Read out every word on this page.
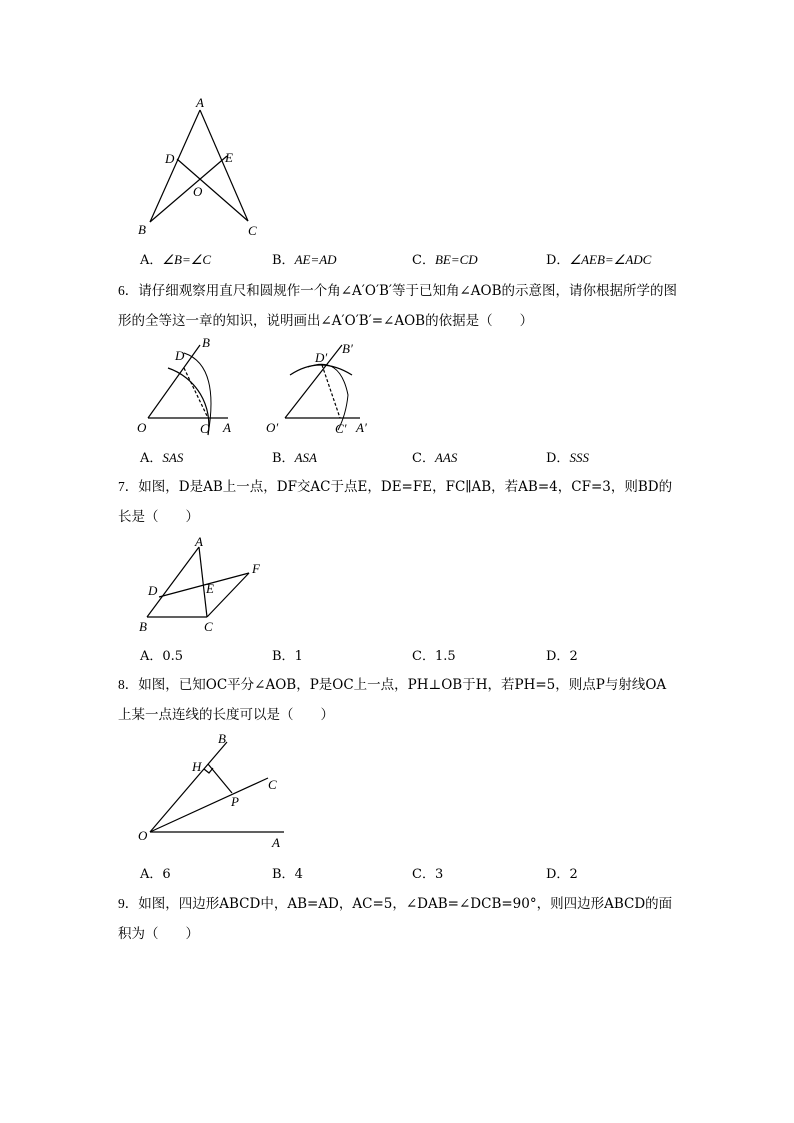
A
D	E
O
B	C
A．∠B=∠C	B．AE=AD	C．BE=CD	D．∠AEB=∠ADC
6．请仔细观察用直尺和圆规作一个角∠A′O′B′等于已知角∠AOB的示意图，请你根据所学的图形的全等这一章的知识，说明画出∠A′O′B′=∠AOB的依据是（　　）
B
D
O	C A
B′
D′
O′	C′ A′
A．SAS	B．ASA	C．AAS	D．SSS
7．如图，D是AB上一点，DF交AC于点E，DE=FE，FC∥AB，若AB=4，CF=3，则BD的长是（　　）
A
F
D	E
B	C
A．0.5	B．1	C．1.5	D．2
8．如图，已知OC平分∠AOB，P是OC上一点，PH⊥OB于H，若PH=5，则点P与射线OA上某一点连线的长度可以是（　　）
B
H
C
P
O	A
A．6	B．4	C．3	D．2
9．如图，四边形ABCD中，AB=AD，AC=5，∠DAB=∠DCB=90°，则四边形ABCD的面积为（　　）
